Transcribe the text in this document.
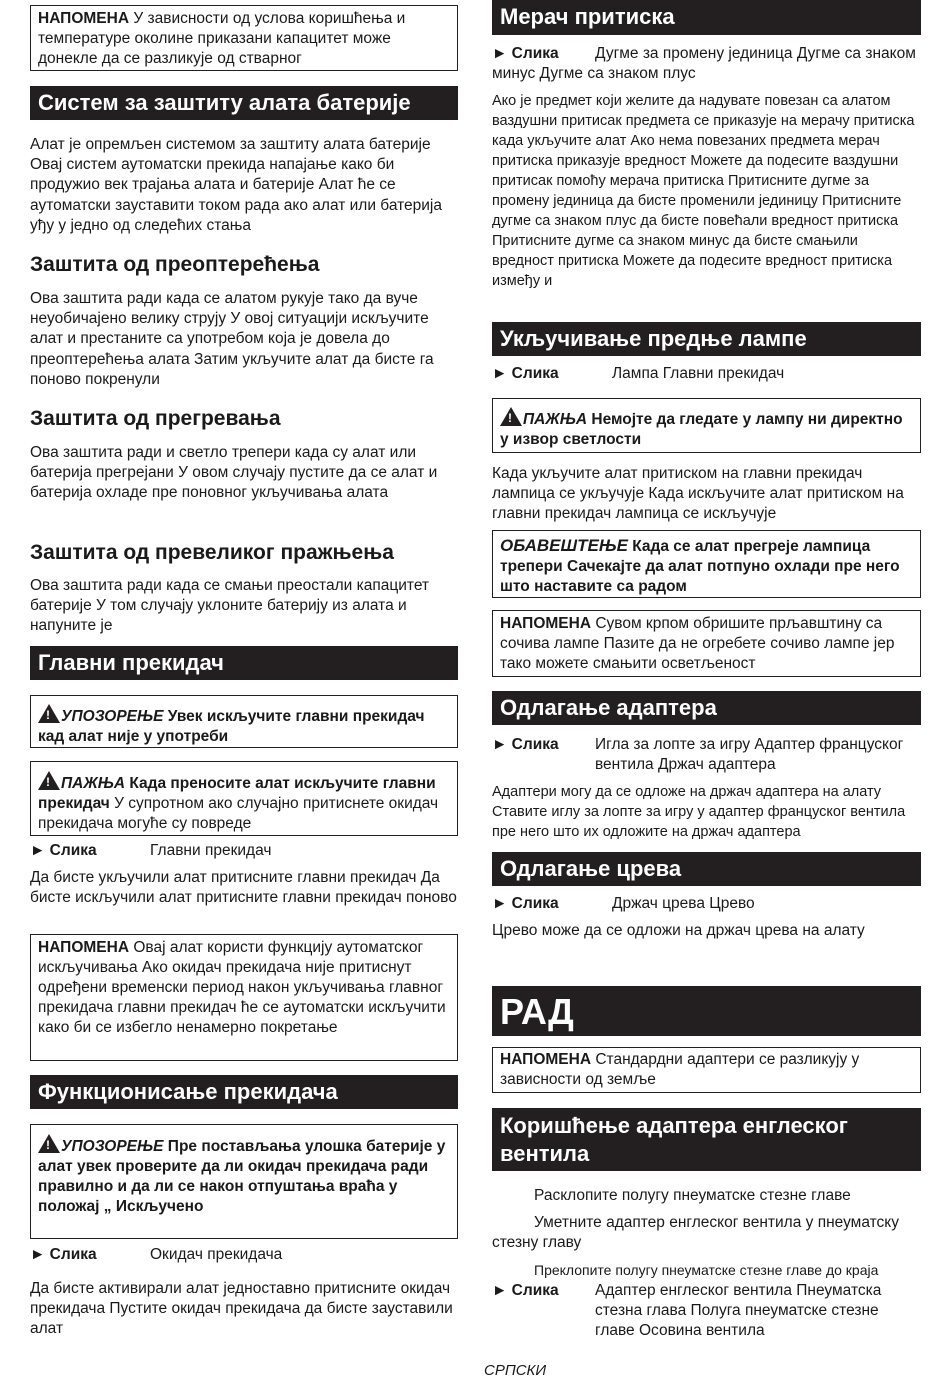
НАПОМЕНА У зависности од услова коришћења и температуре околине приказани капацитет може донекле да се разликује од стварног
Систем за заштиту алата батерије
Алат је опремљен системом за заштиту алата батерије Овај систем аутоматски прекида напајање како би продужио век трајања алата и батерије Алат ће се аутоматски зауставити током рада ако алат или батерија уђу у једно од следећих стања
Заштита од преоптерећења
Ова заштита ради када се алатом рукује тако да вуче неуобичајено велику струју У овој ситуацији искључите алат и престаните са употребом која је довела до преоптерећења алата Затим укључите алат да бисте га поново покренули
Заштита од прегревања
Ова заштита ради и светло трепери када су алат или батерија прегрејани У овом случају пустите да се алат и батерија охладе пре поновног укључивања алата
Заштита од превеликог пражњења
Ова заштита ради када се смањи преостали капацитет батерије У том случају уклоните батерију из алата и напуните је
Главни прекидач
!УПОЗОРЕЊЕ Увек искључите главни прекидач кад алат није у употреби
!ПАЖЊА Када преносите алат искључите главни прекидач У супротном ако случајно притиснете окидач прекидача могуће су повреде
► Слика	Главни прекидач
Да бисте укључили алат притисните главни прекидач Да бисте искључили алат притисните главни прекидач поново
НАПОМЕНА Овај алат користи функцију аутоматског искључивања Ако окидач прекидача није притиснут одређени временски период након укључивања главног прекидача главни прекидач ће се аутоматски искључити како би се избегло ненамерно покретање
Функционисање прекидача
!УПОЗОРЕЊЕ Пре постављања улошка батерије у алат увек проверите да ли окидач прекидача ради правилно и да ли се након отпуштања враћа у положај „ Искључено
► Слика	Окидач прекидача
Да бисте активирали алат једноставно притисните окидач прекидача Пустите окидач прекидача да бисте зауставили алат
Мерач притиска
► Слика Дугме за промену јединица Дугме са знаком минус Дугме са знаком плус
Ако је предмет који желите да надувате повезан са алатом ваздушни притисак предмета се приказује на мерачу притиска када укључите алат Ако нема повезаних предмета мерач притиска приказује вредност Можете да подесите ваздушни притисак помоћу мерача притиска Притисните дугме за промену јединица да бисте променили јединицу Притисните дугме са знаком плус да бисте повећали вредност притиска Притисните дугме са знаком минус да бисте смањили вредност притиска Можете да подесите вредност притиска између и
Укључивање предње лампе
► Слика	Лампа Главни прекидач
!ПАЖЊА Немојте да гледате у лампу ни директно у извор светлости
Када укључите алат притиском на главни прекидач лампица се укључује Када искључите алат притиском на главни прекидач лампица се искључује
ОБАВЕШТЕЊЕ Када се алат прегреје лампица трепери Сачекајте да алат потпуно охлади пре него што наставите са радом
НАПОМЕНА Сувом крпом обришите прљавштину са сочива лампе Пазите да не огребете сочиво лампе јер тако можете смањити осветљеност
Одлагање адаптера
► Слика Игла за лопте за игру Адаптер француског вентила Држач адаптера
Адаптери могу да се одложе на држач адаптера на алату Ставите иглу за лопте за игру у адаптер француског вентила пре него што их одложите на држач адаптера
Одлагање црева
► Слика	Држач црева Црево
Црево може да се одложи на држач црева на алату
РАД
НАПОМЕНА Стандардни адаптери се разликују у зависности од земље
Коришћење адаптера енглеског вентила
Расклопите полугу пнеуматске стезне главе
Уметните адаптер енглеског вентила у пнеуматску стезну главу
Преклопите полугу пнеуматске стезне главе до краја
► Слика Адаптер енглеског вентила Пнеуматска стезна глава Полуга пнеуматске стезне главе Осовина вентила
СРПСКИ
